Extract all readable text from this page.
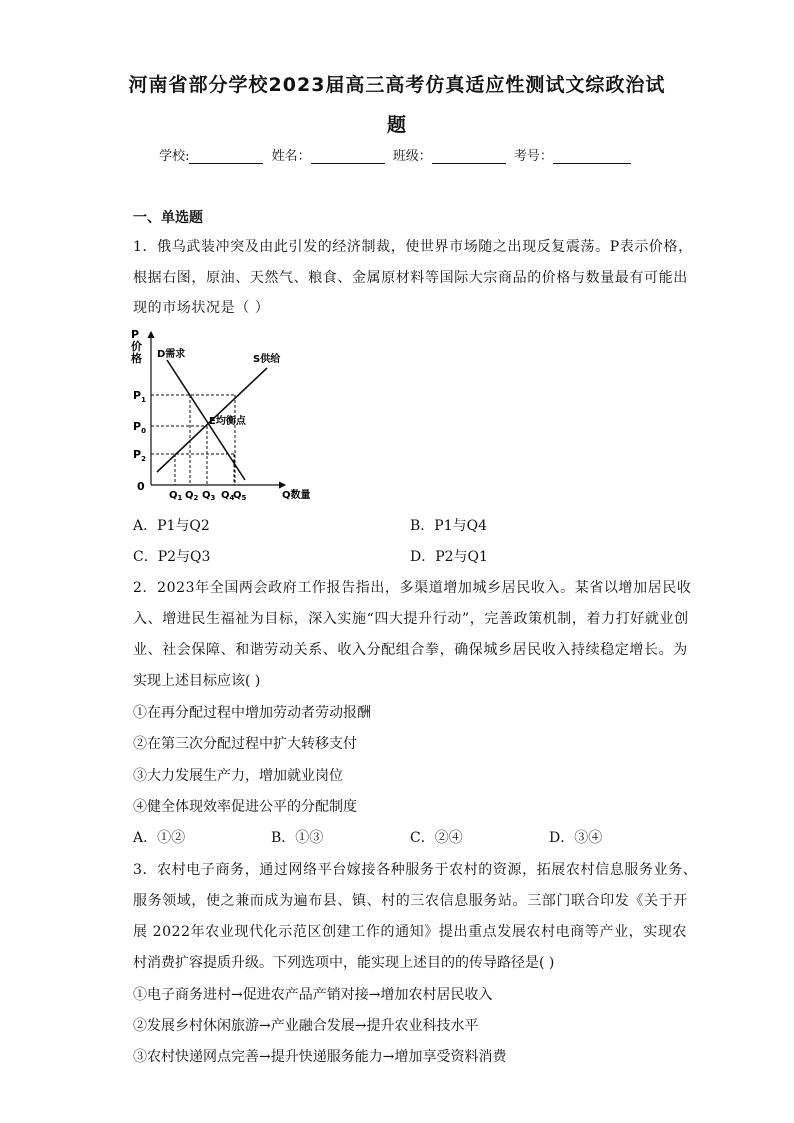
河南省部分学校2023届高三高考仿真适应性测试文综政治试
题
学校:	姓名：	班级：	考号：
一、单选题
1．俄乌武装冲突及由此引发的经济制裁，使世界市场随之出现反复震荡。P表示价格，
根据右图，原油、天然气、粮食、金属原材料等国际大宗商品的价格与数量最有可能出
现的市场状况是（ ）
P
价
格 D需求	S供给
E均衡点
0
Q数量
$P_1$
$P_0$
$P_2$
$Q_1$ $Q_2$ $Q_3$ $Q_4$
$Q_5$
A．P1与Q2	B．P1与Q4
C．P2与Q3	D．P2与Q1
2．2023年全国两会政府工作报告指出，多渠道增加城乡居民收入。某省以增加居民收
入、增进民生福祉为目标，深入实施“四大提升行动”，完善政策机制，着力打好就业创
业、社会保障、和谐劳动关系、收入分配组合拳，确保城乡居民收入持续稳定增长。为
实现上述目标应该( )
①在再分配过程中增加劳动者劳动报酬
②在第三次分配过程中扩大转移支付
③大力发展生产力，增加就业岗位
④健全体现效率促进公平的分配制度
A．①②	B．①③	C．②④	D．③④
3．农村电子商务，通过网络平台嫁接各种服务于农村的资源，拓展农村信息服务业务、
服务领域，使之兼而成为遍布县、镇、村的三农信息服务站。三部门联合印发《关于开
展 2022年农业现代化示范区创建工作的通知》提出重点发展农村电商等产业，实现农
村消费扩容提质升级。下列选项中，能实现上述目的的传导路径是( )
①电子商务进村→促进农产品产销对接→增加农村居民收入
②发展乡村休闲旅游→产业融合发展→提升农业科技水平
③农村快递网点完善→提升快递服务能力→增加享受资料消费
